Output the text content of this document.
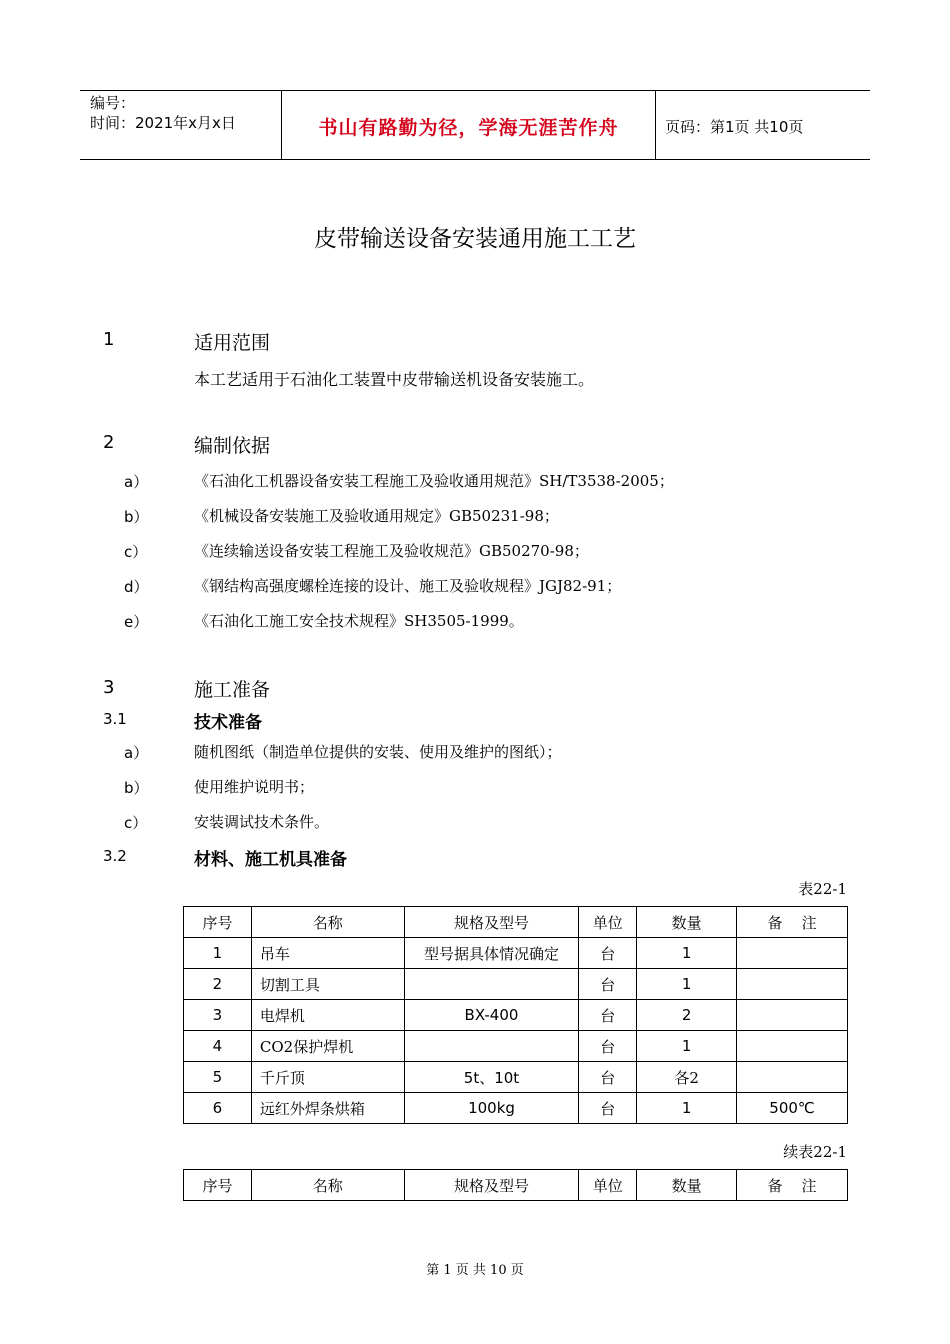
编号：
时间：2021年x月x日	书山有路勤为径，学海无涯苦作舟	页码：第1页 共10页
皮带输送设备安装通用施工工艺
1	适用范围
本工艺适用于石油化工装置中皮带输送机设备安装施工。
2	编制依据
a）	《石油化工机器设备安装工程施工及验收通用规范》SH/T3538-2005；
b）	《机械设备安装施工及验收通用规定》GB50231-98；
c）	《连续输送设备安装工程施工及验收规范》GB50270-98；
d）	《钢结构高强度螺栓连接的设计、施工及验收规程》JGJ82-91；
e）	《石油化工施工安全技术规程》SH3505-1999。
3	施工准备
3.1	技术准备
a）	随机图纸（制造单位提供的安装、使用及维护的图纸）；
b）	使用维护说明书；
c）	安装调试技术条件。
3.2	材料、施工机具准备
表22-1
序号	名称	规格及型号	单位	数量	备    注
1	吊车	型号据具体情况确定	台	1	
2	切割工具		台	1	
3	电焊机	BX-400	台	2	
4	CO2保护焊机		台	1	
5	千斤顶	5t、10t	台	各2	
6	远红外焊条烘箱	100kg	台	1	500℃
续表22-1
序号	名称	规格及型号	单位	数量	备    注
第 1 页 共 10 页
